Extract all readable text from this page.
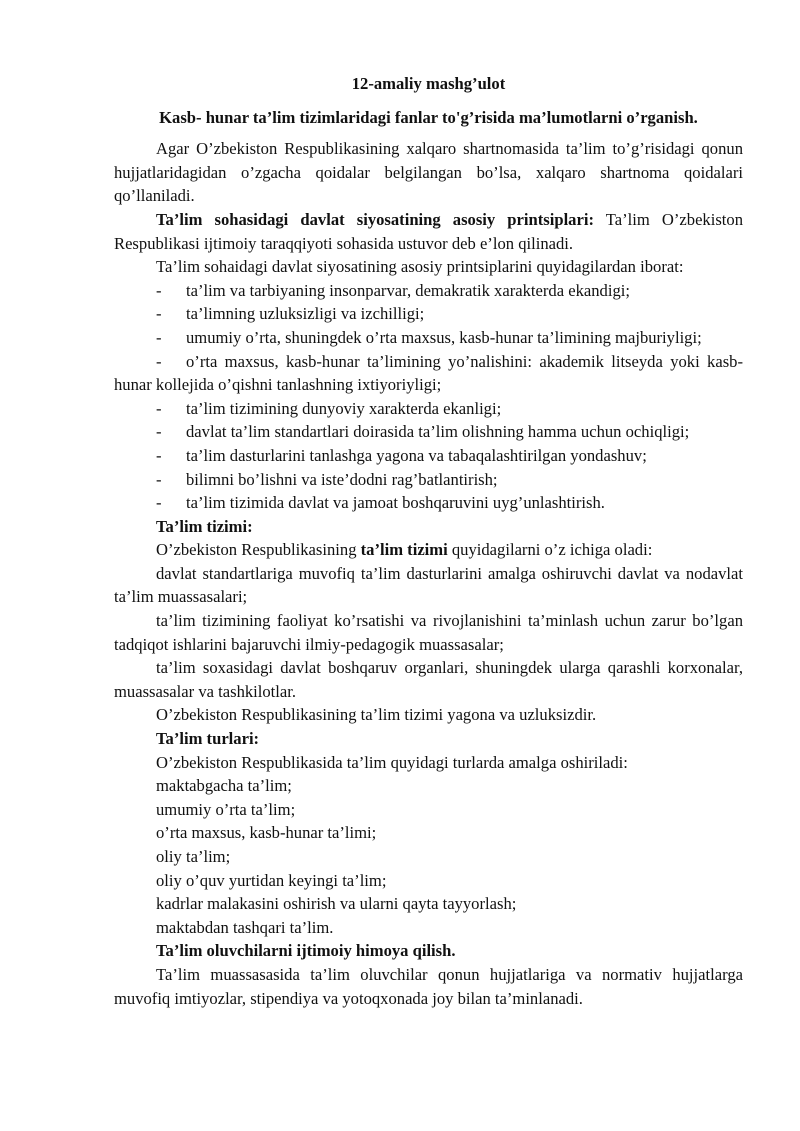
12-amaliy mashg’ulot
Kasb- hunar ta’lim tizimlaridagi fanlar to'g’risida ma’lumotlarni o’rganish.

Agar O’zbekiston Respublikasining xalqaro shartnomasida ta’lim to’g’risidagi qonun hujjatlaridagidan o’zgacha qoidalar belgilangan bo’lsa, xalqaro shartnoma qoidalari qo’llaniladi.

Ta’lim sohasidagi davlat siyosatining asosiy printsiplari: Ta’lim O’zbekiston Respublikasi ijtimoiy taraqqiyoti sohasida ustuvor deb e’lon qilinadi.

Ta’lim sohaidagi davlat siyosatining asosiy printsiplarini quyidagilardan iborat:

- ta’lim va tarbiyaning insonparvar, demakratik xarakterda ekandigi;

- ta’limning uzluksizligi va izchilligi;

- umumiy o’rta, shuningdek o’rta maxsus, kasb-hunar ta’limining majburiyligi;

- o’rta maxsus, kasb-hunar ta’limining yo’nalishini: akademik litseyda yoki kasb-hunar kollejida o’qishni tanlashning ixtiyoriyligi;

- ta’lim tizimining dunyoviy xarakterda ekanligi;

- davlat ta’lim standartlari doirasida ta’lim olishning hamma uchun ochiqligi;

- ta’lim dasturlarini tanlashga yagona va tabaqalashtirilgan yondashuv;

- bilimni bo’lishni va iste’dodni rag’batlantirish;

- ta’lim tizimida davlat va jamoat boshqaruvini uyg’unlashtirish.

Ta’lim tizimi:

O’zbekiston Respublikasining ta’lim tizimi quyidagilarni o’z ichiga oladi:

davlat standartlariga muvofiq ta’lim dasturlarini amalga oshiruvchi davlat va nodavlat ta’lim muassasalari;

ta’lim tizimining faoliyat ko’rsatishi va rivojlanishini ta’minlash uchun zarur bo’lgan tadqiqot ishlarini bajaruvchi ilmiy-pedagogik muassasalar;

ta’lim soxasidagi davlat boshqaruv organlari, shuningdek ularga qarashli korxonalar, muassasalar va tashkilotlar.

O’zbekiston Respublikasining ta’lim tizimi yagona va uzluksizdir.

Ta’lim turlari:

O’zbekiston Respublikasida ta’lim quyidagi turlarda amalga oshiriladi:

maktabgacha ta’lim;

umumiy o’rta ta’lim;

o’rta maxsus, kasb-hunar ta’limi;

oliy ta’lim;

oliy o’quv yurtidan keyingi ta’lim;

kadrlar malakasini oshirish va ularni qayta tayyorlash;

maktabdan tashqari ta’lim.

Ta’lim oluvchilarni ijtimoiy himoya qilish.

Ta’lim muassasasida ta’lim oluvchilar qonun hujjatlariga va normativ hujjatlarga muvofiq imtiyozlar, stipendiya va yotoqxonada joy bilan ta’minlanadi.
